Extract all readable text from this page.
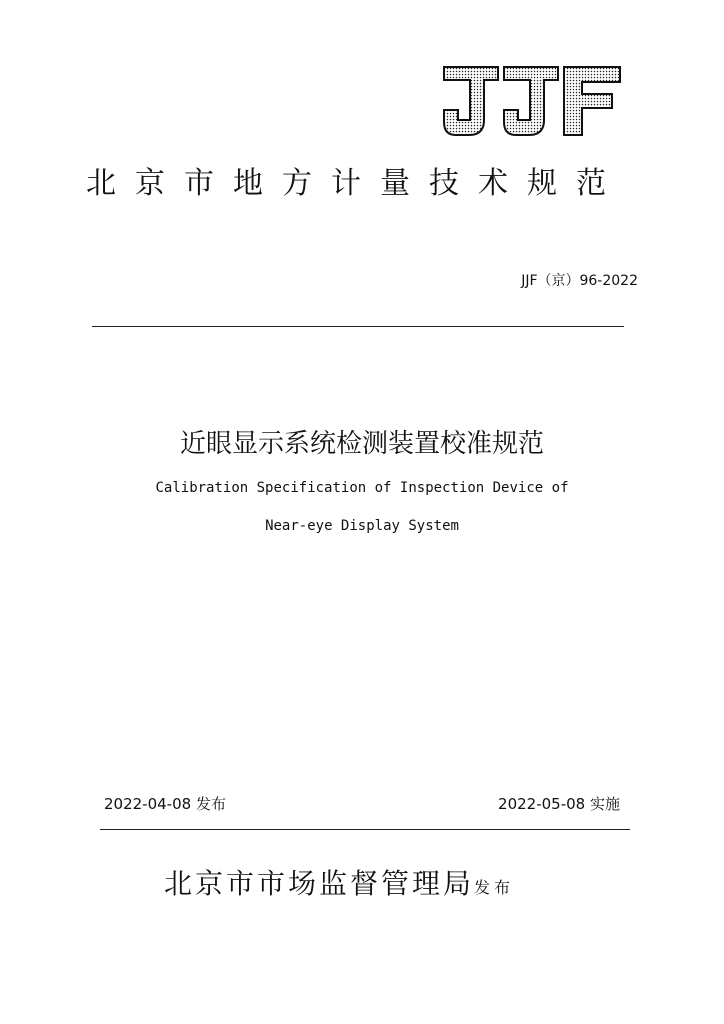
JJF
北京市地方计量技术规范
JJF（京）96-2022
近眼显示系统检测装置校准规范
Calibration Specification of Inspection Device of
Near-eye Display System
2022-04-08 发布	2022-05-08 实施
北京市市场监督管理局发布
